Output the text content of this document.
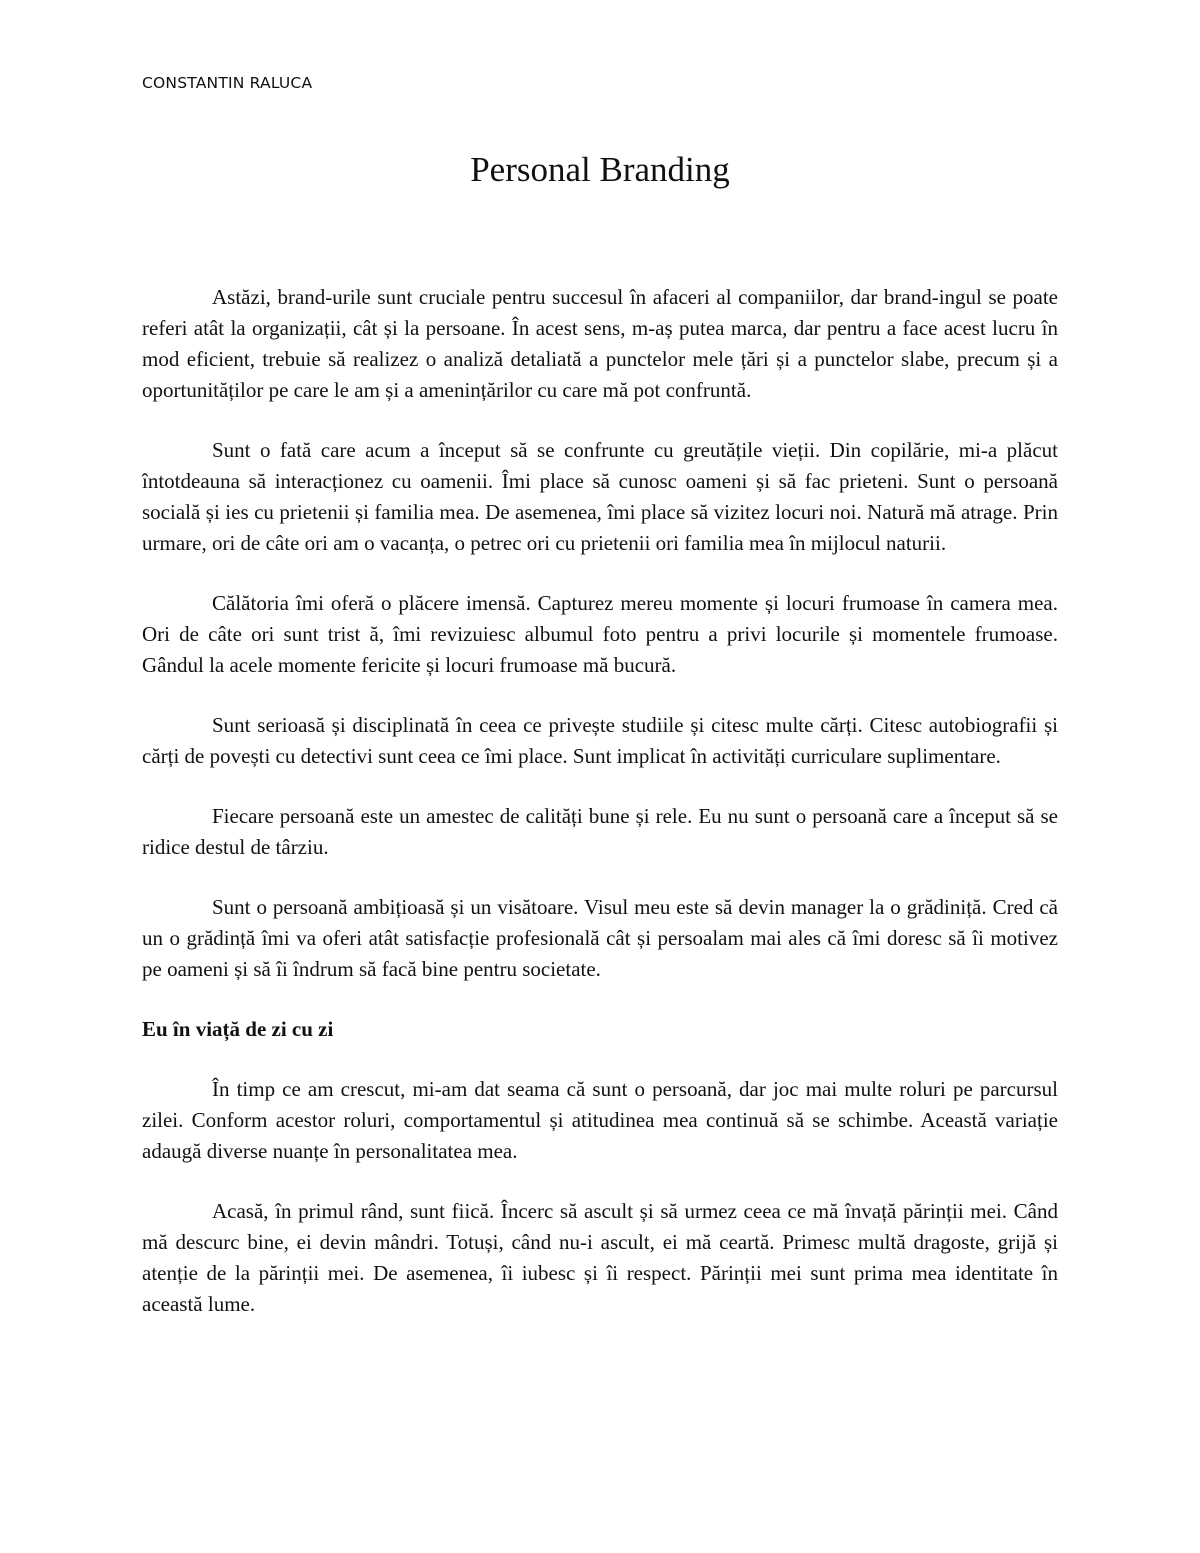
CONSTANTIN RALUCA
Personal Branding

Astăzi, brand-urile sunt cruciale pentru succesul în afaceri al companiilor, dar brand-ingul se poate referi atât la organizații, cât și la persoane. În acest sens, m-aș putea marca, dar pentru a face acest lucru în mod eficient, trebuie să realizez o analiză detaliată a punctelor mele țări și a punctelor slabe, precum și a oportunităților pe care le am și a amenințărilor cu care mă pot confruntă.

Sunt o fată care acum a început să se confrunte cu greutățile vieții. Din copilărie, mi-a plăcut întotdeauna să interacționez cu oamenii. Îmi place să cunosc oameni și să fac prieteni. Sunt o persoană socială și ies cu prietenii și familia mea. De asemenea, îmi place să vizitez locuri noi. Natură mă atrage. Prin urmare, ori de câte ori am o vacanța, o petrec ori cu prietenii ori familia mea în mijlocul naturii.

Călătoria îmi oferă o plăcere imensă. Capturez mereu momente și locuri frumoase în camera mea. Ori de câte ori sunt trist ă, îmi revizuiesc albumul foto pentru a privi locurile și momentele frumoase. Gândul la acele momente fericite și locuri frumoase mă bucură.

Sunt serioasă și disciplinată în ceea ce privește studiile și citesc multe cărți. Citesc autobiografii și cărți de povești cu detectivi sunt ceea ce îmi place. Sunt implicat în activități curriculare suplimentare.

Fiecare persoană este un amestec de calități bune și rele. Eu nu sunt o persoană care a început să se ridice destul de târziu.

Sunt o persoană ambițioasă și un visătoare. Visul meu este să devin manager la o grădiniță. Cred că un o grădință îmi va oferi atât satisfacție profesională cât și persoalam mai ales că îmi doresc să îi motivez pe oameni și să îi îndrum să facă bine pentru societate.

Eu în viață de zi cu zi

În timp ce am crescut, mi-am dat seama că sunt o persoană, dar joc mai multe roluri pe parcursul zilei. Conform acestor roluri, comportamentul și atitudinea mea continuă să se schimbe. Această variație adaugă diverse nuanțe în personalitatea mea.

Acasă, în primul rând, sunt fiică. Încerc să ascult și să urmez ceea ce mă învață părinții mei. Când mă descurc bine, ei devin mândri. Totuși, când nu-i ascult, ei mă ceartă. Primesc multă dragoste, grijă și atenție de la părinții mei. De asemenea, îi iubesc și îi respect. Părinții mei sunt prima mea identitate în această lume.
